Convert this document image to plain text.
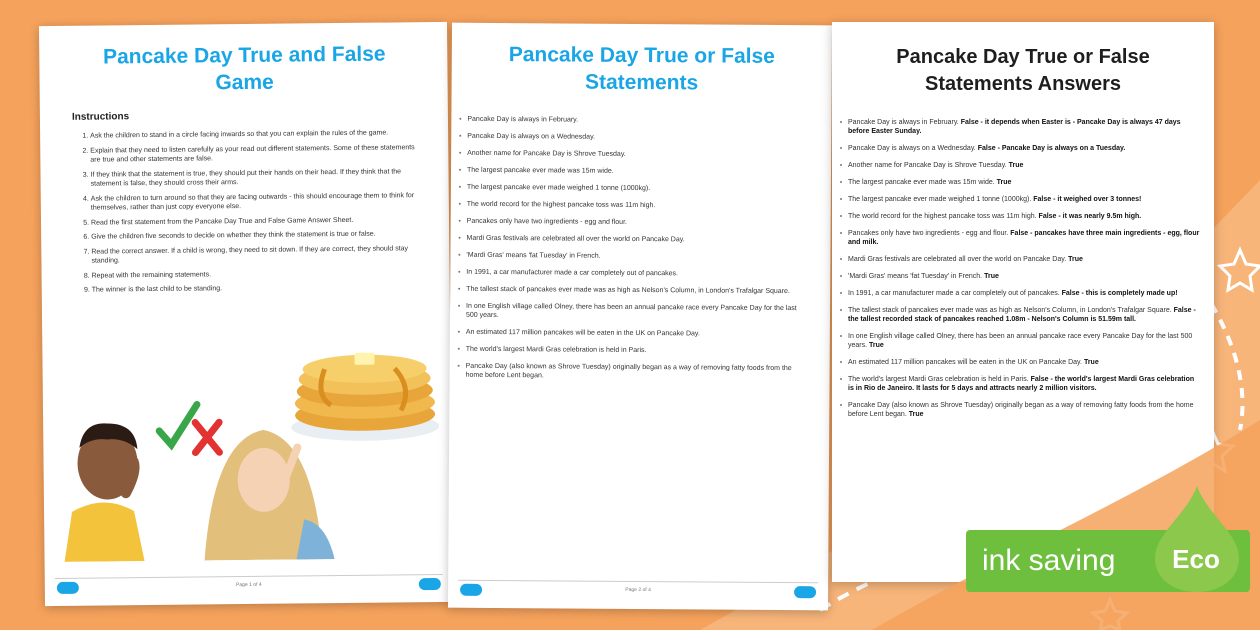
Pancake Day True and False Game
Instructions
1. Ask the children to stand in a circle facing inwards so that you can explain the rules of the game.
2. Explain that they need to listen carefully as your read out different statements. Some of these statements are true and other statements are false.
3. If they think that the statement is true, they should put their hands on their head. If they think that the statement is false, they should cross their arms.
4. Ask the children to turn around so that they are facing outwards - this should encourage them to think for themselves, rather than just copy everyone else.
5. Read the first statement from the Pancake Day True and False Game Answer Sheet.
6. Give the children five seconds to decide on whether they think the statement is true or false.
7. Read the correct answer. If a child is wrong, they need to sit down. If they are correct, they should stay standing.
8. Repeat with the remaining statements.
9. The winner is the last child to be standing.
Page 1 of 4
Pancake Day True or False Statements
Pancake Day is always in February.
Pancake Day is always on a Wednesday.
Another name for Pancake Day is Shrove Tuesday.
The largest pancake ever made was 15m wide.
The largest pancake ever made weighed 1 tonne (1000kg).
The world record for the highest pancake toss was 11m high.
Pancakes only have two ingredients - egg and flour.
Mardi Gras festivals are celebrated all over the world on Pancake Day.
'Mardi Gras' means 'fat Tuesday' in French.
In 1991, a car manufacturer made a car completely out of pancakes.
The tallest stack of pancakes ever made was as high as Nelson's Column, in London's Trafalgar Square.
In one English village called Olney, there has been an annual pancake race every Pancake Day for the last 500 years.
An estimated 117 million pancakes will be eaten in the UK on Pancake Day.
The world's largest Mardi Gras celebration is held in Paris.
Pancake Day (also known as Shrove Tuesday) originally began as a way of removing fatty foods from the home before Lent began.
Page 2 of 4
Pancake Day True or False Statements Answers
Pancake Day is always in February. False - it depends when Easter is - Pancake Day is always 47 days before Easter Sunday.
Pancake Day is always on a Wednesday. False - Pancake Day is always on a Tuesday.
Another name for Pancake Day is Shrove Tuesday. True
The largest pancake ever made was 15m wide. True
The largest pancake ever made weighed 1 tonne (1000kg). False - it weighed over 3 tonnes!
The world record for the highest pancake toss was 11m high. False - it was nearly 9.5m high.
Pancakes only have two ingredients - egg and flour. False - pancakes have three main ingredients - egg, flour and milk.
Mardi Gras festivals are celebrated all over the world on Pancake Day. True
'Mardi Gras' means 'fat Tuesday' in French. True
In 1991, a car manufacturer made a car completely out of pancakes. False - this is completely made up!
The tallest stack of pancakes ever made was as high as Nelson's Column, in London's Trafalgar Square. False - the tallest recorded stack of pancakes reached 1.08m - Nelson's Column is 51.59m tall.
In one English village called Olney, there has been an annual pancake race every Pancake Day for the last 500 years. True
An estimated 117 million pancakes will be eaten in the UK on Pancake Day. True
The world's largest Mardi Gras celebration is held in Paris. False - the world's largest Mardi Gras celebration is in Rio de Janeiro. It lasts for 5 days and attracts nearly 2 million visitors.
Pancake Day (also known as Shrove Tuesday) originally began as a way of removing fatty foods from the home before Lent began. True
ink saving	Eco
